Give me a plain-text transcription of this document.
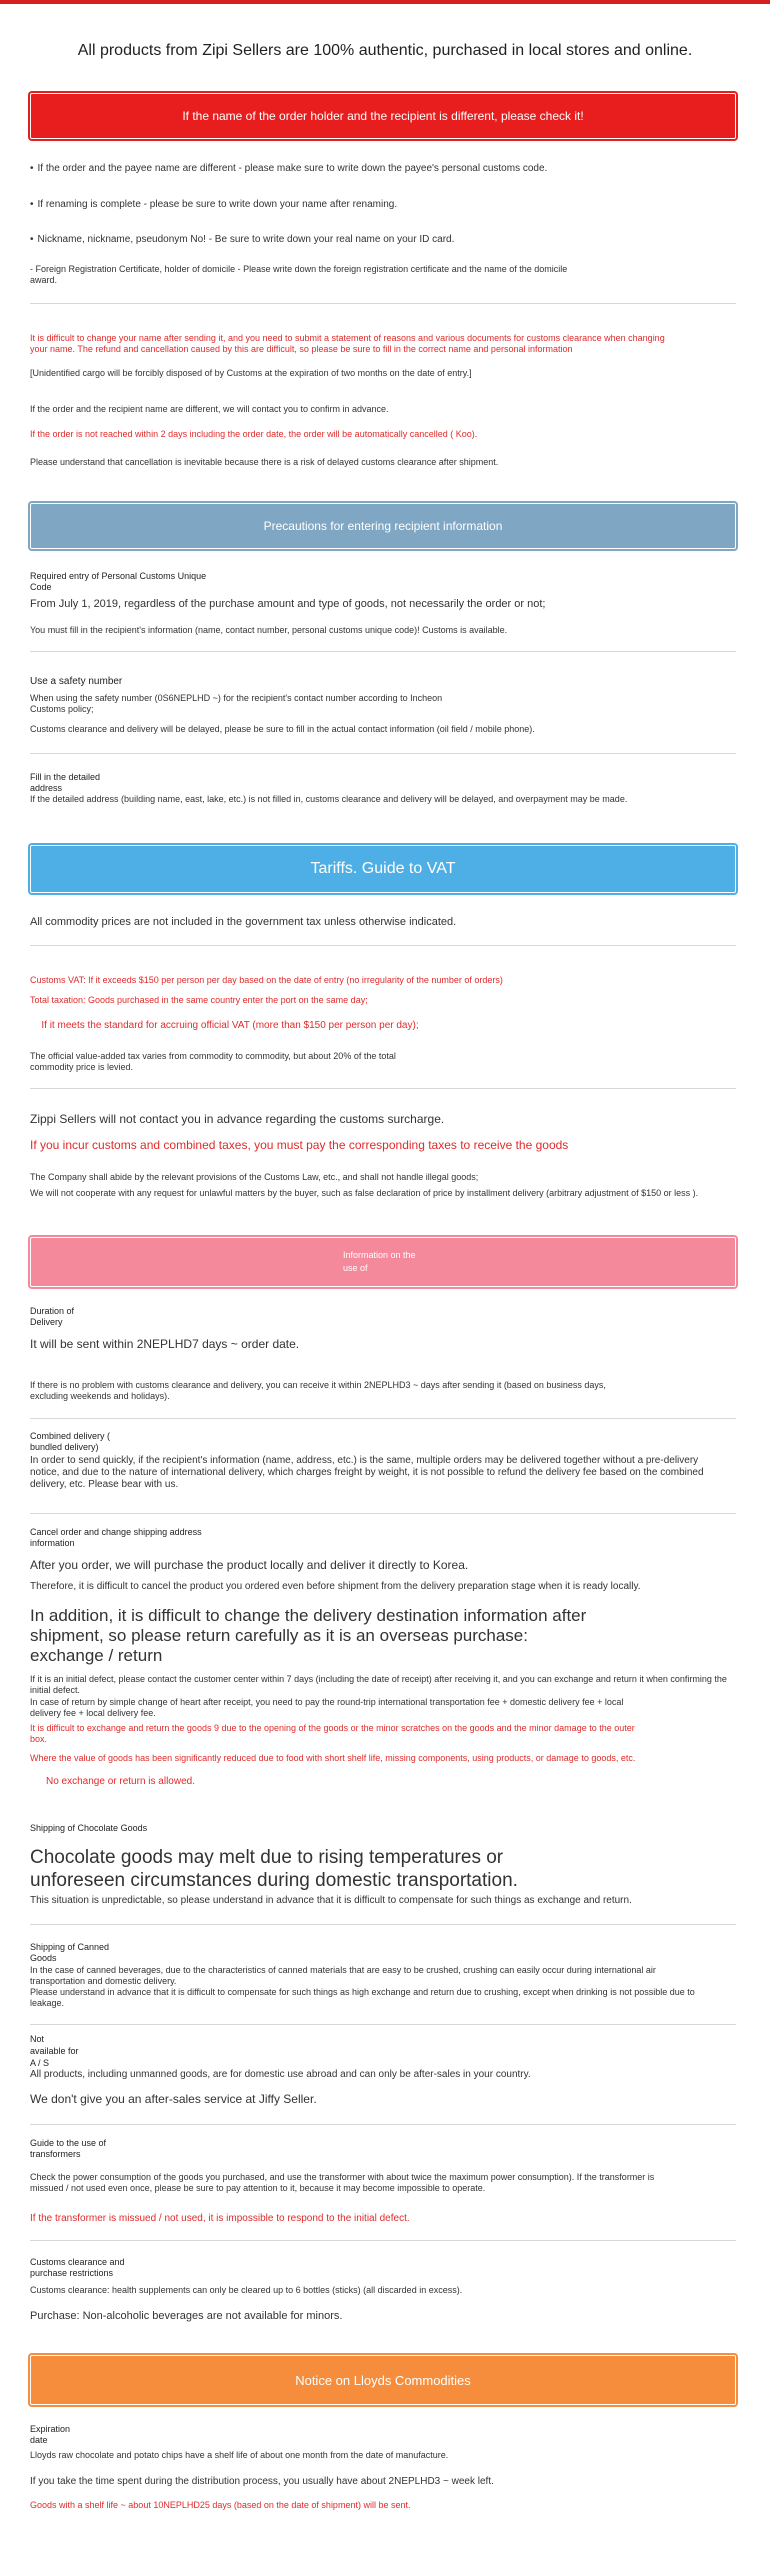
All products from Zipi Sellers are 100% authentic, purchased in local stores and online.
If the name of the order holder and the recipient is different, please check it!
• If the order and the payee name are different - please make sure to write down the payee's personal customs code.
• If renaming is complete - please be sure to write down your name after renaming.
• Nickname, nickname, pseudonym No! - Be sure to write down your real name on your ID card.
- Foreign Registration Certificate, holder of domicile - Please write down the foreign registration certificate and the name of the domicile award.
It is difficult to change your name after sending it, and you need to submit a statement of reasons and various documents for customs clearance when changing your name. The refund and cancellation caused by this are difficult, so please be sure to fill in the correct name and personal information
[Unidentified cargo will be forcibly disposed of by Customs at the expiration of two months on the date of entry.]
If the order and the recipient name are different, we will contact you to confirm in advance.
If the order is not reached within 2 days including the order date, the order will be automatically cancelled ( Koo).
Please understand that cancellation is inevitable because there is a risk of delayed customs clearance after shipment.
Precautions for entering recipient information
Required entry of Personal Customs Unique Code
From July 1, 2019, regardless of the purchase amount and type of goods, not necessarily the order or not;
You must fill in the recipient's information (name, contact number, personal customs unique code)! Customs is available.
Use a safety number
When using the safety number (0S6NEPLHD ~) for the recipient's contact number according to Incheon Customs policy;
Customs clearance and delivery will be delayed, please be sure to fill in the actual contact information (oil field / mobile phone).
Fill in the detailed address
If the detailed address (building name, east, lake, etc.) is not filled in, customs clearance and delivery will be delayed, and overpayment may be made.
Tariffs. Guide to VAT
All commodity prices are not included in the government tax unless otherwise indicated.
Customs VAT: If it exceeds $150 per person per day based on the date of entry (no irregularity of the number of orders)
Total taxation: Goods purchased in the same country enter the port on the same day;
If it meets the standard for accruing official VAT (more than $150 per person per day);
The official value-added tax varies from commodity to commodity, but about 20% of the total commodity price is levied.
Zippi Sellers will not contact you in advance regarding the customs surcharge.
If you incur customs and combined taxes, you must pay the corresponding taxes to receive the goods
The Company shall abide by the relevant provisions of the Customs Law, etc., and shall not handle illegal goods;
We will not cooperate with any request for unlawful matters by the buyer, such as false declaration of price by installment delivery (arbitrary adjustment of $150 or less ).
Information on the use of
Duration of Delivery
It will be sent within 2NEPLHD7 days ~ order date.
If there is no problem with customs clearance and delivery, you can receive it within 2NEPLHD3 ~ days after sending it (based on business days, excluding weekends and holidays).
Combined delivery ( bundled delivery)
In order to send quickly, if the recipient's information (name, address, etc.) is the same, multiple orders may be delivered together without a pre-delivery notice, and due to the nature of international delivery, which charges freight by weight, it is not possible to refund the delivery fee based on the combined delivery, etc. Please bear with us.
Cancel order and change shipping address information
After you order, we will purchase the product locally and deliver it directly to Korea.
Therefore, it is difficult to cancel the product you ordered even before shipment from the delivery preparation stage when it is ready locally.
In addition, it is difficult to change the delivery destination information after shipment, so please return carefully as it is an overseas purchase: exchange / return
If it is an initial defect, please contact the customer center within 7 days (including the date of receipt) after receiving it, and you can exchange and return it when confirming the initial defect.
In case of return by simple change of heart after receipt, you need to pay the round-trip international transportation fee + domestic delivery fee + local delivery fee + local delivery fee.
It is difficult to exchange and return the goods 9 due to the opening of the goods or the minor scratches on the goods and the minor damage to the outer box.
Where the value of goods has been significantly reduced due to food with short shelf life, missing components, using products, or damage to goods, etc.
No exchange or return is allowed.
Shipping of Chocolate Goods
Chocolate goods may melt due to rising temperatures or unforeseen circumstances during domestic transportation.
This situation is unpredictable, so please understand in advance that it is difficult to compensate for such things as exchange and return.
Shipping of Canned Goods
In the case of canned beverages, due to the characteristics of canned materials that are easy to be crushed, crushing can easily occur during international air transportation and domestic delivery.
Please understand in advance that it is difficult to compensate for such things as high exchange and return due to crushing, except when drinking is not possible due to leakage.
Not
available for
A / S
All products, including unmanned goods, are for domestic use abroad and can only be after-sales in your country.
We don't give you an after-sales service at Jiffy Seller.
Guide to the use of transformers
Check the power consumption of the goods you purchased, and use the transformer with about twice the maximum power consumption). If the transformer is missued / not used even once, please be sure to pay attention to it, because it may become impossible to operate.
If the transformer is missued / not used, it is impossible to respond to the initial defect.
Customs clearance and purchase restrictions
Customs clearance: health supplements can only be cleared up to 6 bottles (sticks) (all discarded in excess).
Purchase: Non-alcoholic beverages are not available for minors.
Notice on Lloyds Commodities
Expiration date
Lloyds raw chocolate and potato chips have a shelf life of about one month from the date of manufacture.
If you take the time spent during the distribution process, you usually have about 2NEPLHD3 ~ week left.
Goods with a shelf life ~ about 10NEPLHD25 days (based on the date of shipment) will be sent.
